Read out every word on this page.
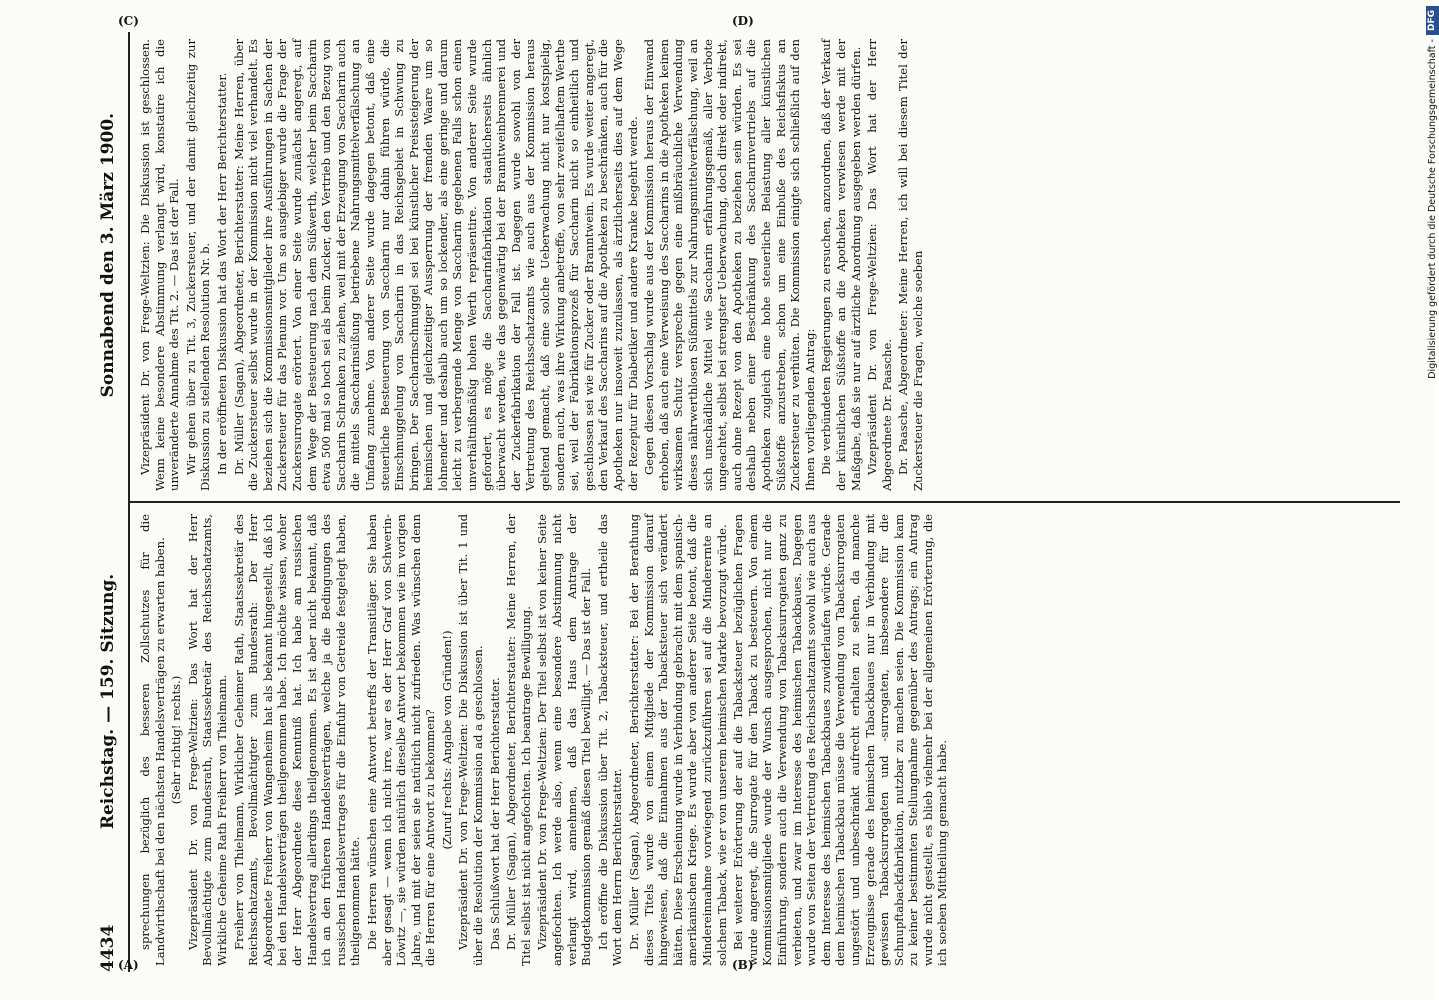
4434
Reichstag. — 159. Sitzung.
Sonnabend den 3. März 1900.

sprechungen bezüglich des besseren Zollschutzes für die Landwirthschaft bei den nächsten Handelsverträgen zu erwarten haben. (Sehr richtig! rechts.) Vizepräsident Dr. von Frege-Weltzien: Das Wort hat der Herr Bevollmächtigte zum Bundesrath, Staatssekretär des Reichsschatzamts, Wirkliche Geheime Rath Freiherr von Thielmann. Freiherr von Thielmann, Wirklicher Geheimer Rath, Staatssekretär des Reichsschatzamts, Bevollmächtigter zum Bundesrath: Der Herr Abgeordnete Freiherr von Wangenheim hat als bekannt hingestellt, daß ich bei den Handelsverträgen theilgenommen habe. Ich möchte wissen, woher der Herr Abgeordnete diese Kenntniß hat. Ich habe am russischen Handelsvertrag allerdings theilgenommen. Es ist aber nicht bekannt, daß ich an den früheren Handelsverträgen, welche ja die Bedingungen des russischen Handelsvertrages für die Einfuhr von Getreide festgelegt haben, theilgenommen hätte. Die Herren wünschen eine Antwort betreffs der Transitläger. Sie haben aber gesagt — wenn ich nicht irre, war es der Herr Graf von Schwerin-Löwitz —, sie würden natürlich dieselbe Antwort bekommen wie im vorigen Jahre, und mit der seien sie natürlich nicht zufrieden. Was wünschen denn die Herren für eine Antwort zu bekommen? (Zuruf rechts: Angabe von Gründen!) Vizepräsident Dr. von Frege-Weltzien: Die Diskussion ist über Tit. 1 und über die Resolution der Kommission ad a geschlossen. Das Schlußwort hat der Herr Berichterstatter. Dr. Müller (Sagan), Abgeordneter, Berichterstatter: Meine Herren, der Titel selbst ist nicht angefochten. Ich beantrage Bewilligung. Vizepräsident Dr. von Frege-Weltzien: Der Titel selbst ist von keiner Seite angefochten. Ich werde also, wenn eine besondere Abstimmung nicht verlangt wird, annehmen, daß das Haus dem Antrage der Budgetkommission gemäß diesen Titel bewilligt. — Das ist der Fall. Ich eröffne die Diskussion über Tit. 2, Tabacksteuer, und ertheile das Wort dem Herrn Berichterstatter. Dr. Müller (Sagan), Abgeordneter, Berichterstatter: Bei der Berathung dieses Titels wurde von einem Mitgliede der Kommission darauf hingewiesen, daß die Einnahmen aus der Tabacksteuer sich verändert hätten. Diese Erscheinung wurde in Verbindung gebracht mit dem spanisch-amerikanischen Kriege. Es wurde aber von anderer Seite betont, daß die Mindereinnahme vorwiegend zurückzuführen sei auf die Minderernte an solchem Taback, wie er von unserem heimischen Markte bevorzugt würde. Bei weiterer Erörterung der auf die Tabacksteuer bezüglichen Fragen wurde angeregt, die Surrogate für den Taback zu besteuern. Von einem Kommissionsmitgliede wurde der Wunsch ausgesprochen, nicht nur die Einführung, sondern auch die Verwendung von Tabacksurrogaten ganz zu verbieten, und zwar im Interesse des heimischen Tabackbaues. Dagegen wurde von Seiten der Vertretung des Reichsschatzamts sowohl wie auch aus dem Interesse des heimischen Tabackbaues zuwiderlaufen würde. Gerade dem heimischen Tabackbau müsse die Verwendung von Tabacksurrogaten ungestört und unbeschränkt aufrecht erhalten zu sehen, da manche Erzeugnisse gerade des heimischen Tabackbaues nur in Verbindung mit gewissen Tabacksurrogaten und -surrogaten, insbesondere für die Schnupftabackfabrikation, nutzbar zu machen seien. Die Kommission kam zu keiner bestimmten Stellungnahme gegenüber des Antrags; ein Antrag wurde nicht gestellt, es blieb vielmehr bei der allgemeinen Erörterung, die ich soeben Mittheilung gemacht habe.

Vizepräsident Dr. von Frege-Weltzien: Die Diskussion ist geschlossen. Wenn keine besondere Abstimmung verlangt wird, konstatire ich die unveränderte Annahme des Tit. 2. — Das ist der Fall. Wir gehen über zu Tit. 3, Zuckersteuer, und der damit gleichzeitig zur Diskussion zu stellenden Resolution Nr. b. In der eröffneten Diskussion hat das Wort der Herr Berichterstatter. Dr. Müller (Sagan), Abgeordneter, Berichterstatter: Meine Herren, über die Zuckersteuer selbst wurde in der Kommission nicht viel verhandelt. Es beziehen sich die Kommissionsmitglieder ihre Ausführungen in Sachen der Zuckersteuer für das Plenum vor. Um so ausgiebiger wurde die Frage der Zuckersurrogate erörtert. Von einer Seite wurde zunächst angeregt, auf dem Wege der Besteuerung nach dem Süßwerth, welcher beim Saccharin etwa 500 mal so hoch sei als beim Zucker, den Vertrieb und den Bezug von Saccharin Schranken zu ziehen, weil mit der Erzeugung von Saccharin auch die mittels Saccharinsüßung betriebene Nahrungsmittelverfälschung an Umfang zunehme. Von anderer Seite wurde dagegen betont, daß eine steuerliche Besteuerung von Saccharin nur dahin führen würde, die Einschmuggelung von Saccharin in das Reichsgebiet in Schwung zu bringen. Der Saccharinschmuggel sei bei künstlicher Preissteigerung der heimischen und gleichzeitiger Aussperrung der fremden Waare um so lohnender und deshalb auch um so lockender, als eine geringe und darum leicht zu verbergende Menge von Saccharin gegebenen Falls schon einen unverhältnißmäßig hohen Werth repräsentire. Von anderer Seite wurde gefordert, es möge die Saccharinfabrikation staatlicherseits ähnlich überwacht werden, wie das gegenwärtig bei der Branntweinbrennerei und der Zuckerfabrikation der Fall ist. Dagegen wurde sowohl von der Vertretung des Reichsschatzamts wie auch aus der Kommission heraus geltend gemacht, daß eine solche Ueberwachung nicht nur kostspielig, sondern auch, was ihre Wirkung anbetreffe, von sehr zweifelhaftem Werthe sei, weil der Fabrikationsprozeß für Saccharin nicht so einheitlich und geschlossen sei wie für Zucker oder Branntwein. Es wurde weiter angeregt, den Verkauf des Saccharins auf die Apotheken zu beschränken, auch für die Apotheken nur insoweit zuzulassen, als ärztlicherseits dies auf dem Wege der Rezeptur für Diabetiker und andere Kranke begehrt werde. Gegen diesen Vorschlag wurde aus der Kommission heraus der Einwand erhoben, daß auch eine Verweisung des Saccharins in die Apotheken keinen wirksamen Schutz verspreche gegen eine mißbräuchliche Verwendung dieses nährwerthlosen Süßmittels zur Nahrungsmittelverfälschung, weil an sich unschädliche Mittel wie Saccharin erfahrungsgemäß, aller Verbote ungeachtet, selbst bei strengster Ueberwachung, doch direkt oder indirekt, auch ohne Rezept von den Apotheken zu beziehen sein würden. Es sei deshalb neben einer Beschränkung des Saccharinvertriebs auf die Apotheken zugleich eine hohe steuerliche Belastung aller künstlichen Süßstoffe anzustreben, schon um eine Einbuße des Reichsfiskus an Zuckersteuer zu verhüten. Die Kommission einigte sich schließlich auf den Ihnen vorliegenden Antrag: Die verbündeten Regierungen zu ersuchen, anzuordnen, daß der Verkauf der künstlichen Süßstoffe an die Apotheken verwiesen werde mit der Maßgabe, daß sie nur auf ärztliche Anordnung ausgegeben werden dürfen. Vizepräsident Dr. von Frege-Weltzien: Das Wort hat der Herr Abgeordnete Dr. Paasche. Dr. Paasche, Abgeordneter: Meine Herren, ich will bei diesem Titel der Zuckersteuer die Fragen, welche soeben

(A)	(B)
(C)	(D)
Digitalisierung gefördert durch die Deutsche Forschungsgemeinschaft -
DFG
